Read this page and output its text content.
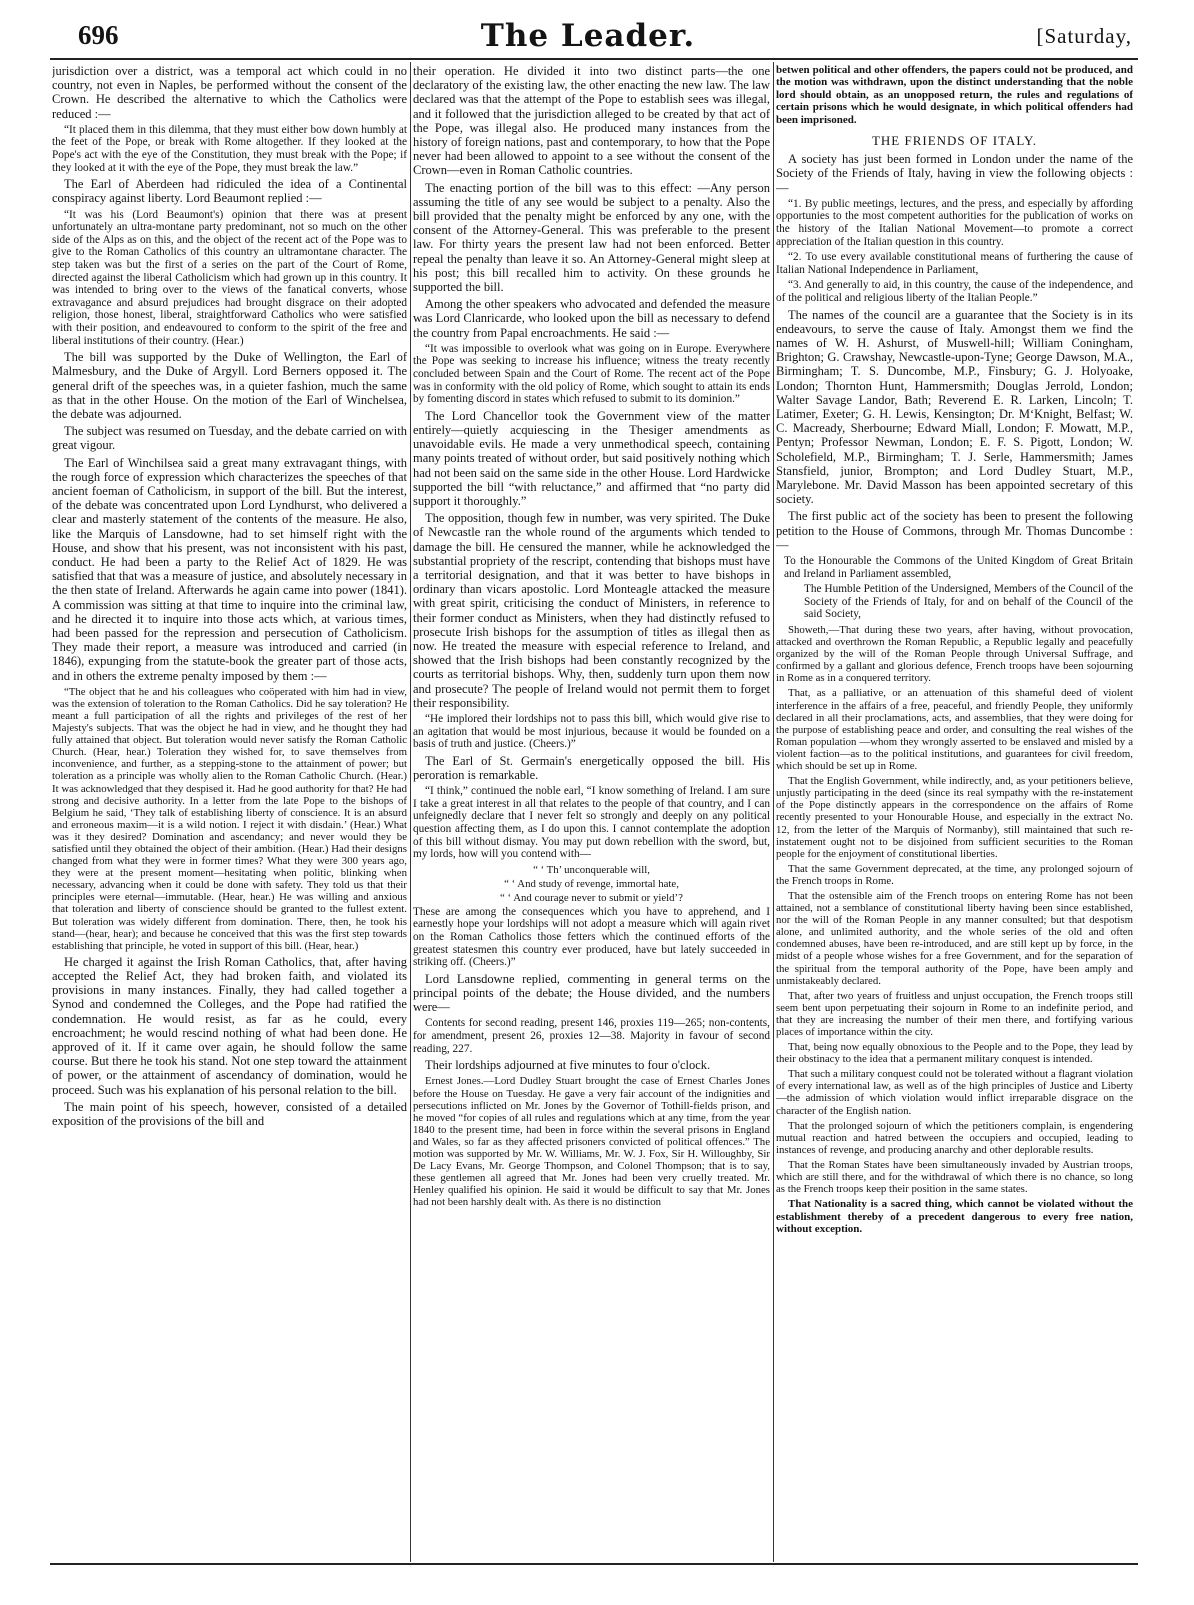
696	The Leader.	[Saturday,

jurisdiction over a district, was a temporal act which could in no country, not even in Naples, be performed without the consent of the Crown. He described the alternative to which the Catholics were reduced :—

“It placed them in this dilemma, that they must either bow down humbly at the feet of the Pope, or break with Rome altogether. If they looked at the Pope's act with the eye of the Constitution, they must break with the Pope; if they looked at it with the eye of the Pope, they must break the law.”

The Earl of Aberdeen had ridiculed the idea of a Continental conspiracy against liberty. Lord Beaumont replied :—

“It was his (Lord Beaumont's) opinion that there was at present unfortunately an ultra-montane party predominant, not so much on the other side of the Alps as on this, and the object of the recent act of the Pope was to give to the Roman Catholics of this country an ultramontane character. The step taken was but the first of a series on the part of the Court of Rome, directed against the liberal Catholicism which had grown up in this country. It was intended to bring over to the views of the fanatical converts, whose extravagance and absurd prejudices had brought disgrace on their adopted religion, those honest, liberal, straightforward Catholics who were satisfied with their position, and endeavoured to conform to the spirit of the free and liberal institutions of their country. (Hear.)

The bill was supported by the Duke of Wellington, the Earl of Malmesbury, and the Duke of Argyll. Lord Berners opposed it. The general drift of the speeches was, in a quieter fashion, much the same as that in the other House. On the motion of the Earl of Winchelsea, the debate was adjourned.

The subject was resumed on Tuesday, and the debate carried on with great vigour.

The Earl of Winchilsea said a great many extravagant things, with the rough force of expression which characterizes the speeches of that ancient foeman of Catholicism, in support of the bill. But the interest, of the debate was concentrated upon Lord Lyndhurst, who delivered a clear and masterly statement of the contents of the measure. He also, like the Marquis of Lansdowne, had to set himself right with the House, and show that his present, was not inconsistent with his past, conduct. He had been a party to the Relief Act of 1829. He was satisfied that that was a measure of justice, and absolutely necessary in the then state of Ireland. Afterwards he again came into power (1841). A commission was sitting at that time to inquire into the criminal law, and he directed it to inquire into those acts which, at various times, had been passed for the repression and persecution of Catholicism. They made their report, a measure was introduced and carried (in 1846), expunging from the statute-book the greater part of those acts, and in others the extreme penalty imposed by them :—

“The object that he and his colleagues who coöperated with him had in view, was the extension of toleration to the Roman Catholics. Did he say toleration? He meant a full participation of all the rights and privileges of the rest of her Majesty's subjects. That was the object he had in view, and he thought they had fully attained that object. But toleration would never satisfy the Roman Catholic Church. (Hear, hear.) Toleration they wished for, to save themselves from inconvenience, and further, as a stepping-stone to the attainment of power; but toleration as a principle was wholly alien to the Roman Catholic Church. (Hear.) It was acknowledged that they despised it. Had he good authority for that? He had strong and decisive authority. In a letter from the late Pope to the bishops of Belgium he said, ‘They talk of establishing liberty of conscience. It is an absurd and erroneous maxim—it is a wild notion. I reject it with disdain.’ (Hear.) What was it they desired? Domination and ascendancy; and never would they be satisfied until they obtained the object of their ambition. (Hear.) Had their designs changed from what they were in former times? What they were 300 years ago, they were at the present moment—hesitating when politic, blinking when necessary, advancing when it could be done with safety. They told us that their principles were eternal—immutable. (Hear, hear.) He was willing and anxious that toleration and liberty of conscience should be granted to the fullest extent. But toleration was widely different from domination. There, then, he took his stand—(hear, hear); and because he conceived that this was the first step towards establishing that principle, he voted in support of this bill. (Hear, hear.)

He charged it against the Irish Roman Catholics, that, after having accepted the Relief Act, they had broken faith, and violated its provisions in many instances. Finally, they had called together a Synod and condemned the Colleges, and the Pope had ratified the condemnation. He would resist, as far as he could, every encroachment; he would rescind nothing of what had been done. He approved of it. If it came over again, he should follow the same course. But there he took his stand. Not one step toward the attainment of power, or the attainment of ascendancy of domination, would he proceed. Such was his explanation of his personal relation to the bill.

The main point of his speech, however, consisted of a detailed exposition of the provisions of the bill and

their operation. He divided it into two distinct parts—the one declaratory of the existing law, the other enacting the new law. The law declared was that the attempt of the Pope to establish sees was illegal, and it followed that the jurisdiction alleged to be created by that act of the Pope, was illegal also. He produced many instances from the history of foreign nations, past and contemporary, to how that the Pope never had been allowed to appoint to a see without the consent of the Crown—even in Roman Catholic countries.

The enacting portion of the bill was to this effect: —Any person assuming the title of any see would be subject to a penalty. Also the bill provided that the penalty might be enforced by any one, with the consent of the Attorney-General. This was preferable to the present law. For thirty years the present law had not been enforced. Better repeal the penalty than leave it so. An Attorney-General might sleep at his post; this bill recalled him to activity. On these grounds he supported the bill.

Among the other speakers who advocated and defended the measure was Lord Clanricarde, who looked upon the bill as necessary to defend the country from Papal encroachments. He said :—

“It was impossible to overlook what was going on in Europe. Everywhere the Pope was seeking to increase his influence; witness the treaty recently concluded between Spain and the Court of Rome. The recent act of the Pope was in conformity with the old policy of Rome, which sought to attain its ends by fomenting discord in states which refused to submit to its dominion.”

The Lord Chancellor took the Government view of the matter entirely—quietly acquiescing in the Thesiger amendments as unavoidable evils. He made a very unmethodical speech, containing many points treated of without order, but said positively nothing which had not been said on the same side in the other House. Lord Hardwicke supported the bill “with reluctance,” and affirmed that “no party did support it thoroughly.”

The opposition, though few in number, was very spirited. The Duke of Newcastle ran the whole round of the arguments which tended to damage the bill. He censured the manner, while he acknowledged the substantial propriety of the rescript, contending that bishops must have a territorial designation, and that it was better to have bishops in ordinary than vicars apostolic. Lord Monteagle attacked the measure with great spirit, criticising the conduct of Ministers, in reference to their former conduct as Ministers, when they had distinctly refused to prosecute Irish bishops for the assumption of titles as illegal then as now. He treated the measure with especial reference to Ireland, and showed that the Irish bishops had been constantly recognized by the courts as territorial bishops. Why, then, suddenly turn upon them now and prosecute? The people of Ireland would not permit them to forget their responsibility.

“He implored their lordships not to pass this bill, which would give rise to an agitation that would be most injurious, because it would be founded on a basis of truth and justice. (Cheers.)”

The Earl of St. Germain's energetically opposed the bill. His peroration is remarkable.

“I think,” continued the noble earl, “I know something of Ireland. I am sure I take a great interest in all that relates to the people of that country, and I can unfeignedly declare that I never felt so strongly and deeply on any political question affecting them, as I do upon this. I cannot contemplate the adoption of this bill without dismay. You may put down rebellion with the sword, but, my lords, how will you contend with—

“ ‘ Th’ unconquerable will,

“ ‘ And study of revenge, immortal hate,

“ ‘ And courage never to submit or yield’?

These are among the consequences which you have to apprehend, and I earnestly hope your lordships will not adopt a measure which will again rivet on the Roman Catholics those fetters which the continued efforts of the greatest statesmen this country ever produced, have but lately succeeded in striking off. (Cheers.)”

Lord Lansdowne replied, commenting in general terms on the principal points of the debate; the House divided, and the numbers were—

Contents for second reading, present 146, proxies 119—265; non-contents, for amendment, present 26, proxies 12—38. Majority in favour of second reading, 227.

Their lordships adjourned at five minutes to four o'clock.

Ernest Jones.—Lord Dudley Stuart brought the case of Ernest Charles Jones before the House on Tuesday. He gave a very fair account of the indignities and persecutions inflicted on Mr. Jones by the Governor of Tothill-fields prison, and he moved “for copies of all rules and regulations which at any time, from the year 1840 to the present time, had been in force within the several prisons in England and Wales, so far as they affected prisoners convicted of political offences.” The motion was supported by Mr. W. Williams, Mr. W. J. Fox, Sir H. Willoughby, Sir De Lacy Evans, Mr. George Thompson, and Colonel Thompson; that is to say, these gentlemen all agreed that Mr. Jones had been very cruelly treated. Mr. Henley qualified his opinion. He said it would be difficult to say that Mr. Jones had not been harshly dealt with. As there is no distinction

betwen political and other offenders, the papers could not be produced, and the motion was withdrawn, upon the distinct understanding that the noble lord should obtain, as an unopposed return, the rules and regulations of certain prisons which he would designate, in which political offenders had been imprisoned.

THE FRIENDS OF ITALY.

A society has just been formed in London under the name of the Society of the Friends of Italy, having in view the following objects :—

“1. By public meetings, lectures, and the press, and especially by affording opportunies to the most competent authorities for the publication of works on the history of the Italian National Movement—to promote a correct appreciation of the Italian question in this country.

“2. To use every available constitutional means of furthering the cause of Italian National Independence in Parliament,

“3. And generally to aid, in this country, the cause of the independence, and of the political and religious liberty of the Italian People.”

The names of the council are a guarantee that the Society is in its endeavours, to serve the cause of Italy. Amongst them we find the names of W. H. Ashurst, of Muswell-hill; William Coningham, Brighton; G. Crawshay, Newcastle-upon-Tyne; George Dawson, M.A., Birmingham; T. S. Duncombe, M.P., Finsbury; G. J. Holyoake, London; Thornton Hunt, Hammersmith; Douglas Jerrold, London; Walter Savage Landor, Bath; Reverend E. R. Larken, Lincoln; T. Latimer, Exeter; G. H. Lewis, Kensington; Dr. M‘Knight, Belfast; W. C. Macready, Sherbourne; Edward Miall, London; F. Mowatt, M.P., Pentyn; Professor Newman, London; E. F. S. Pigott, London; W. Scholefield, M.P., Birmingham; T. J. Serle, Hammersmith; James Stansfield, junior, Brompton; and Lord Dudley Stuart, M.P., Marylebone. Mr. David Masson has been appointed secretary of this society.

The first public act of the society has been to present the following petition to the House of Commons, through Mr. Thomas Duncombe :—

To the Honourable the Commons of the United Kingdom of Great Britain and Ireland in Parliament assembled,

The Humble Petition of the Undersigned, Members of the Council of the Society of the Friends of Italy, for and on behalf of the Council of the said Society,

Showeth,—That during these two years, after having, without provocation, attacked and overthrown the Roman Republic, a Republic legally and peacefully organized by the will of the Roman People through Universal Suffrage, and confirmed by a gallant and glorious defence, French troops have been sojourning in Rome as in a conquered territory.

That, as a palliative, or an attenuation of this shameful deed of violent interference in the affairs of a free, peaceful, and friendly People, they uniformly declared in all their proclamations, acts, and assemblies, that they were doing for the purpose of establishing peace and order, and consulting the real wishes of the Roman population —whom they wrongly asserted to be enslaved and misled by a violent faction—as to the political institutions, and guarantees for civil freedom, which should be set up in Rome.

That the English Government, while indirectly, and, as your petitioners believe, unjustly participating in the deed (since its real sympathy with the re-instatement of the Pope distinctly appears in the correspondence on the affairs of Rome recently presented to your Honourable House, and especially in the extract No. 12, from the letter of the Marquis of Normanby), still maintained that such re-instatement ought not to be disjoined from sufficient securities to the Roman people for the enjoyment of constitutional liberties.

That the same Government deprecated, at the time, any prolonged sojourn of the French troops in Rome.

That the ostensible aim of the French troops on entering Rome has not been attained, not a semblance of constitutional liberty having been since established, nor the will of the Roman People in any manner consulted; but that despotism alone, and unlimited authority, and the whole series of the old and often condemned abuses, have been re-introduced, and are still kept up by force, in the midst of a people whose wishes for a free Government, and for the separation of the spiritual from the temporal authority of the Pope, have been amply and unmistakeably declared.

That, after two years of fruitless and unjust occupation, the French troops still seem bent upon perpetuating their sojourn in Rome to an indefinite period, and that they are increasing the number of their men there, and fortifying various places of importance within the city.

That, being now equally obnoxious to the People and to the Pope, they lead by their obstinacy to the idea that a permanent military conquest is intended.

That such a military conquest could not be tolerated without a flagrant violation of every international law, as well as of the high principles of Justice and Liberty—the admission of which violation would inflict irreparable disgrace on the character of the English nation.

That the prolonged sojourn of which the petitioners complain, is engendering mutual reaction and hatred between the occupiers and occupied, leading to instances of revenge, and producing anarchy and other deplorable results.

That the Roman States have been simultaneously invaded by Austrian troops, which are still there, and for the withdrawal of which there is no chance, so long as the French troops keep their position in the same states.

That Nationality is a sacred thing, which cannot be violated without the establishment thereby of a precedent dangerous to every free nation, without exception.
